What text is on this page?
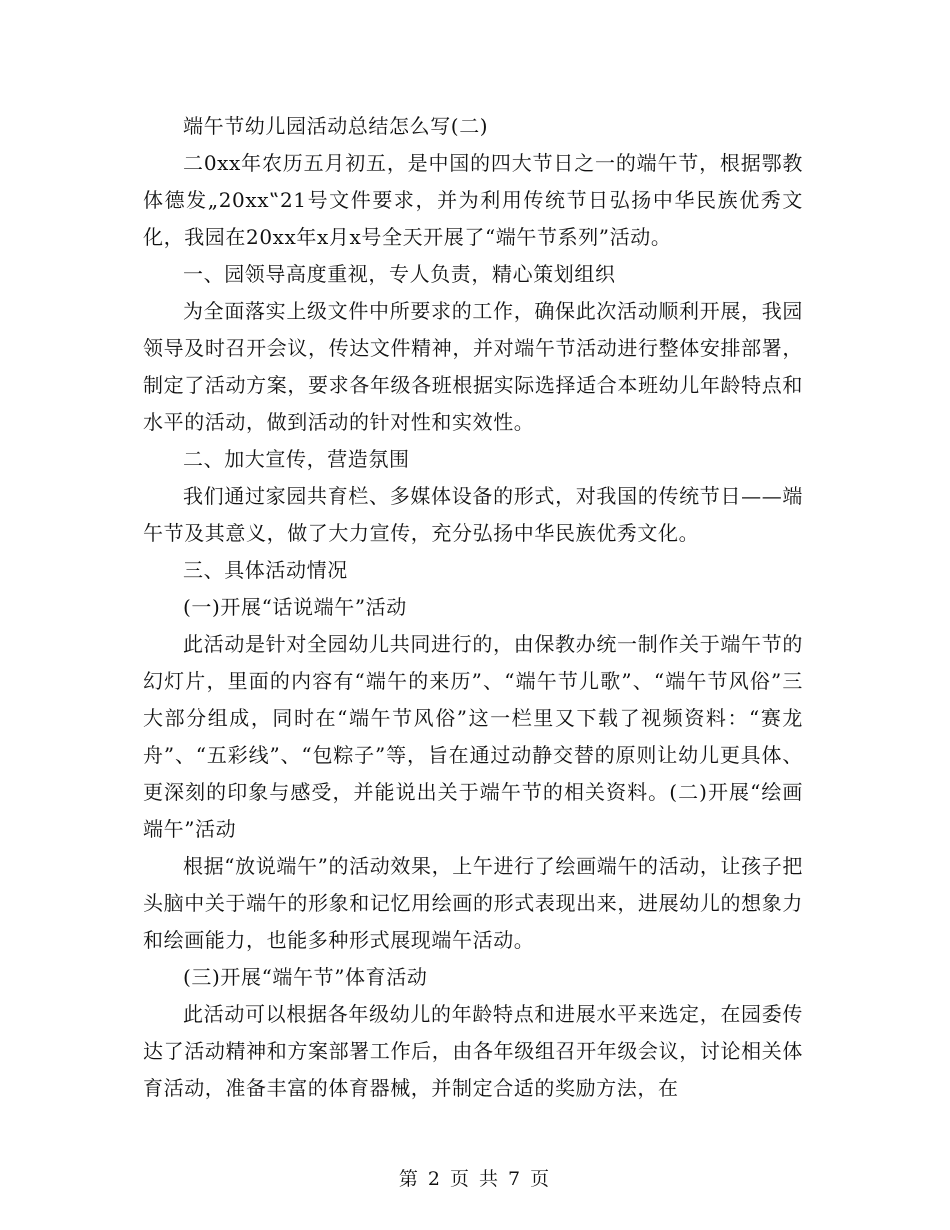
端午节幼儿园活动总结怎么写(二)

二0xx年农历五月初五，是中国的四大节日之一的端午节，根据鄂教体德发„20xx‟21号文件要求，并为利用传统节日弘扬中华民族优秀文化，我园在20xx年x月x号全天开展了“端午节系列”活动。

一、园领导高度重视，专人负责，精心策划组织

为全面落实上级文件中所要求的工作，确保此次活动顺利开展，我园领导及时召开会议，传达文件精神，并对端午节活动进行整体安排部署，制定了活动方案，要求各年级各班根据实际选择适合本班幼儿年龄特点和水平的活动，做到活动的针对性和实效性。

二、加大宣传，营造氛围

我们通过家园共育栏、多媒体设备的形式，对我国的传统节日——端午节及其意义，做了大力宣传，充分弘扬中华民族优秀文化。

三、具体活动情况

(一)开展“话说端午”活动

此活动是针对全园幼儿共同进行的，由保教办统一制作关于端午节的幻灯片，里面的内容有“端午的来历”、“端午节儿歌”、“端午节风俗”三大部分组成，同时在“端午节风俗”这一栏里又下载了视频资料：“赛龙舟”、“五彩线”、“包粽子”等，旨在通过动静交替的原则让幼儿更具体、更深刻的印象与感受，并能说出关于端午节的相关资料。(二)开展“绘画端午”活动

根据“放说端午”的活动效果，上午进行了绘画端午的活动，让孩子把头脑中关于端午的形象和记忆用绘画的形式表现出来，进展幼儿的想象力和绘画能力，也能多种形式展现端午活动。

(三)开展“端午节”体育活动

此活动可以根据各年级幼儿的年龄特点和进展水平来选定，在园委传达了活动精神和方案部署工作后，由各年级组召开年级会议，讨论相关体育活动，准备丰富的体育器械，并制定合适的奖励方法，在

第 2 页 共 7 页
